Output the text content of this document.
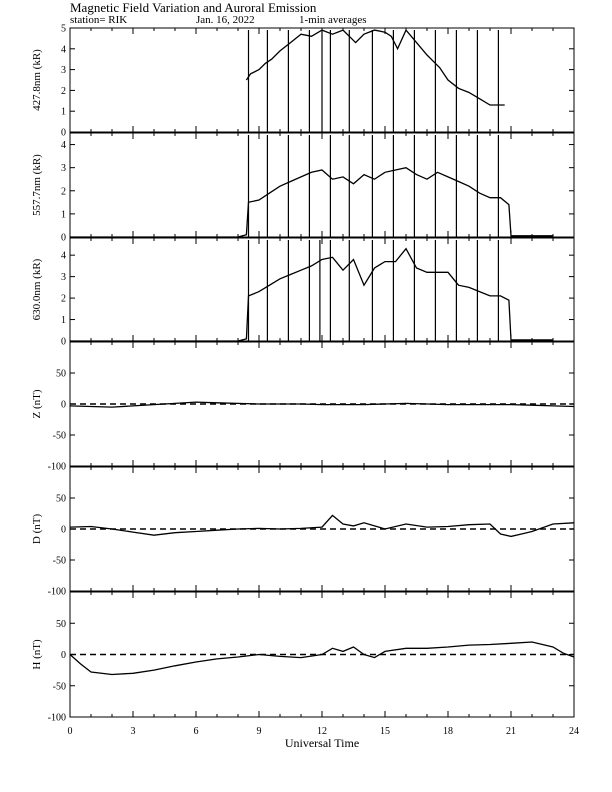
Magnetic Field Variation and Auroral Emission
station= RIK	Jan. 16, 2022	1-min averages
0
1
2
3
4
5
427.8nm (kR)
0
1
2
3
4
557.7nm (kR)
0
1
2
3
4
630.0nm (kR)
-100
-50
0
50
Z (nT)
-100
-50
0
50
D (nT)
-100
-50
0
50
H (nT)
0	3	6	9	12	15	18	21	24
Universal Time
